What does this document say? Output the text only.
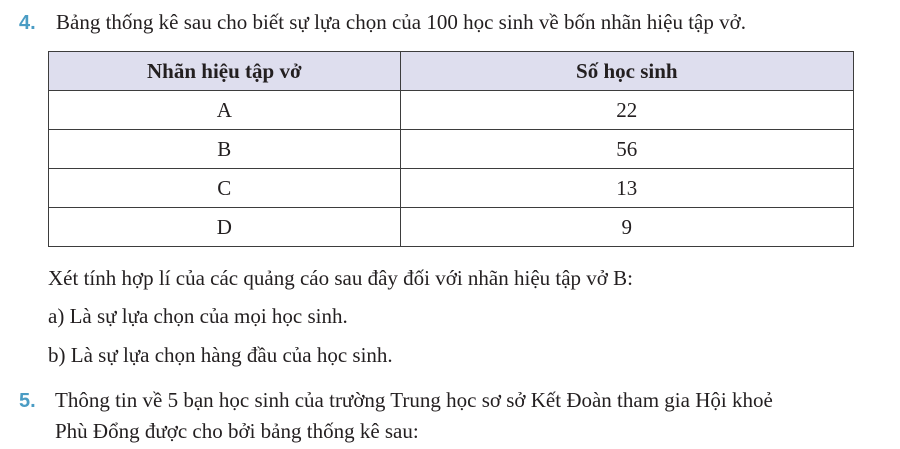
4. Bảng thống kê sau cho biết sự lựa chọn của 100 học sinh về bốn nhãn hiệu tập vở.
Nhãn hiệu tập vở	Số học sinh
A	22
B	56
C	13
D	9
Xét tính hợp lí của các quảng cáo sau đây đối với nhãn hiệu tập vở B:
a) Là sự lựa chọn của mọi học sinh.
b) Là sự lựa chọn hàng đầu của học sinh.
5. Thông tin về 5 bạn học sinh của trường Trung học sơ sở Kết Đoàn tham gia Hội khoẻ
Phù Đổng được cho bởi bảng thống kê sau:
